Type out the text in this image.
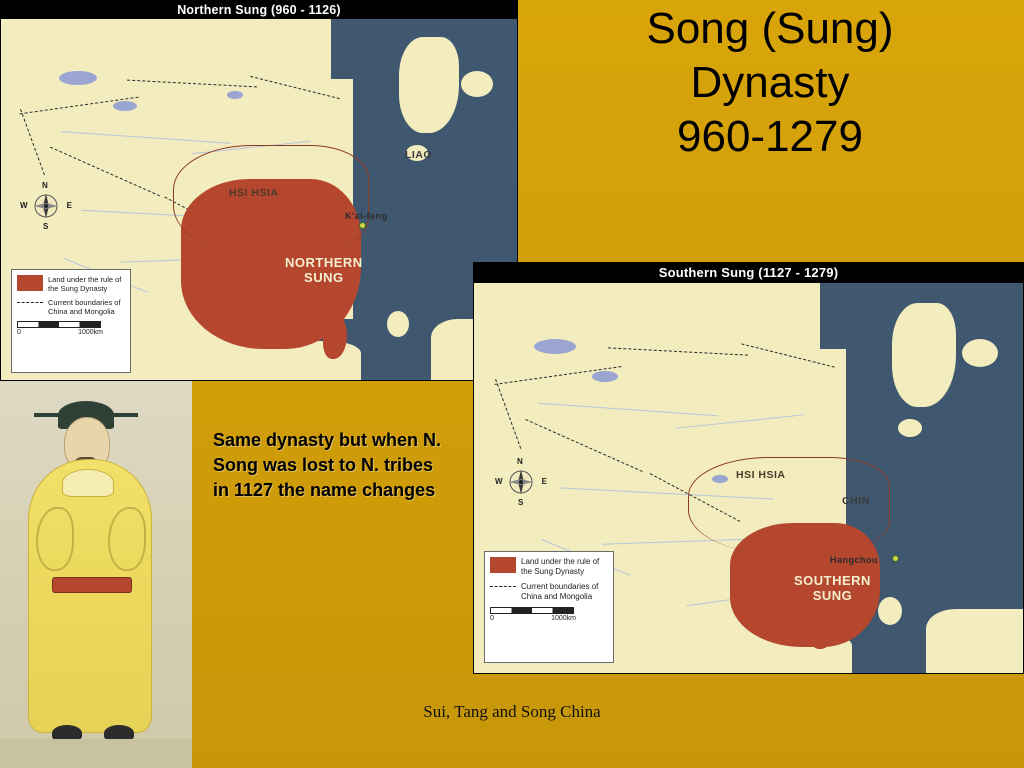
Song (Sung)
Dynasty
960-1279
Northern Sung (960 - 1126)
HSI HSIA
LIAO
K'ai-feng
NORTHERN
SUNG
N
S
W	E
Land under the rule of the Sung Dynasty
Current boundaries of China and Mongolia
0	1000km
Southern Sung (1127 - 1279)
HSI HSIA
CHIN
Hangchou
SOUTHERN
SUNG
N
S
W	E
Land under the rule of the Sung Dynasty
Current boundaries of China and Mongolia
0	1000km
Same dynasty but when N. Song was lost to N. tribes in 1127 the name changes
Sui, Tang and Song China
